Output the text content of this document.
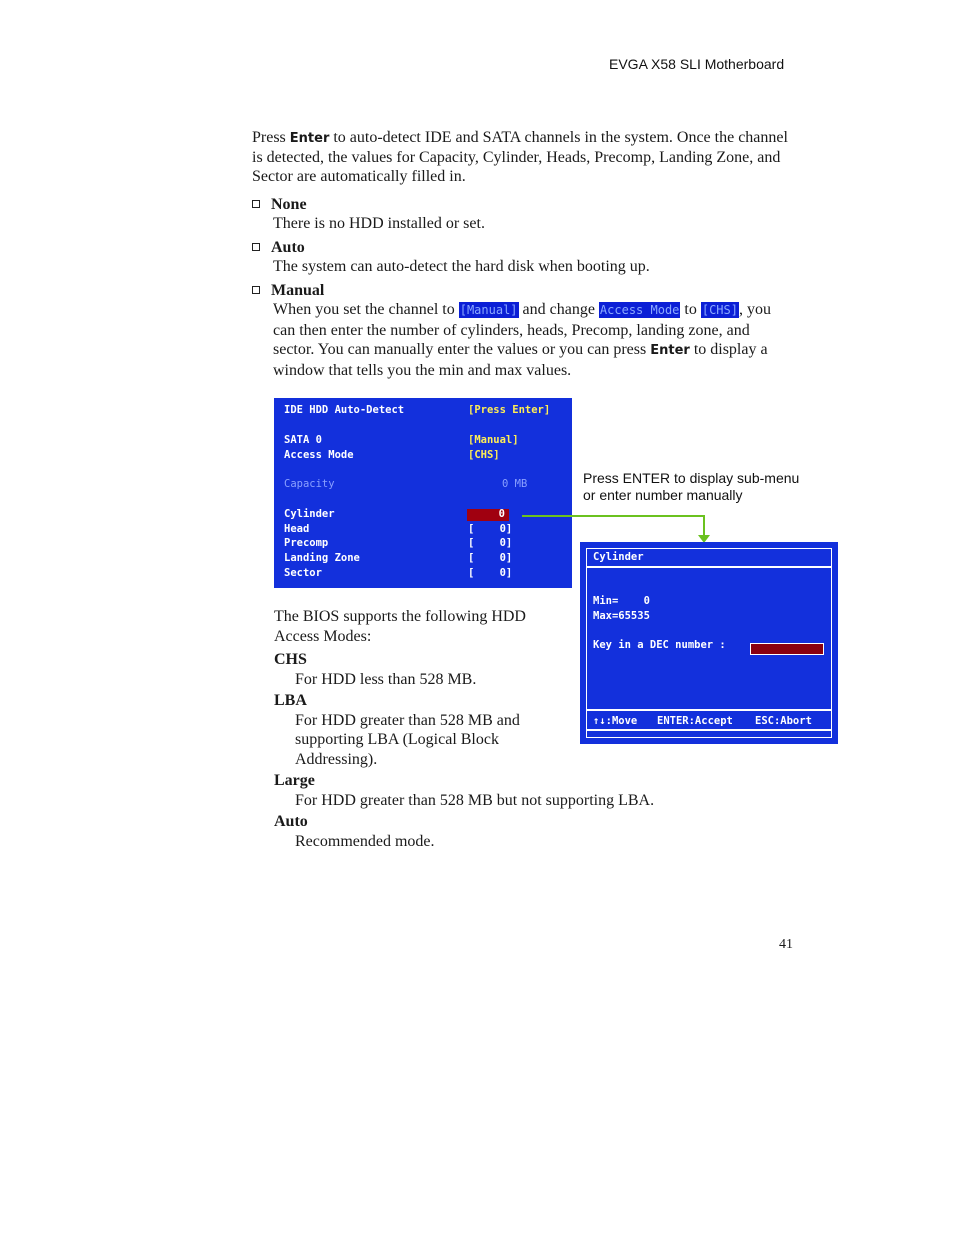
EVGA X58 SLI Motherboard
Press Enter to auto-detect IDE and SATA channels in the system. Once the channel is detected, the values for Capacity, Cylinder, Heads, Precomp, Landing Zone, and Sector are automatically filled in.
None
There is no HDD installed or set.
Auto
The system can auto-detect the hard disk when booting up.
Manual
When you set the channel to [Manual] and change Access Mode to [CHS], you can then enter the number of cylinders, heads, Precomp, landing zone, and sector. You can manually enter the values or you can press Enter to display a window that tells you the min and max values.
IDE HDD Auto-Detect	[Press Enter]
SATA 0	[Manual]
Access Mode	[CHS]
Capacity	0 MB
Cylinder	0
Head	[    0]
Precomp	[    0]
Landing Zone	[    0]
Sector	[    0]
Press ENTER to display sub-menu
or enter number manually
Cylinder
Min=    0
Max=65535
Key in a DEC number :
↑↓:Move ENTER:Accept ESC:Abort
The BIOS supports the following HDD Access Modes:
CHS
For HDD less than 528 MB.
LBA
For HDD greater than 528 MB and supporting LBA (Logical Block Addressing).
Large
For HDD greater than 528 MB but not supporting LBA.
Auto
Recommended mode.
41
